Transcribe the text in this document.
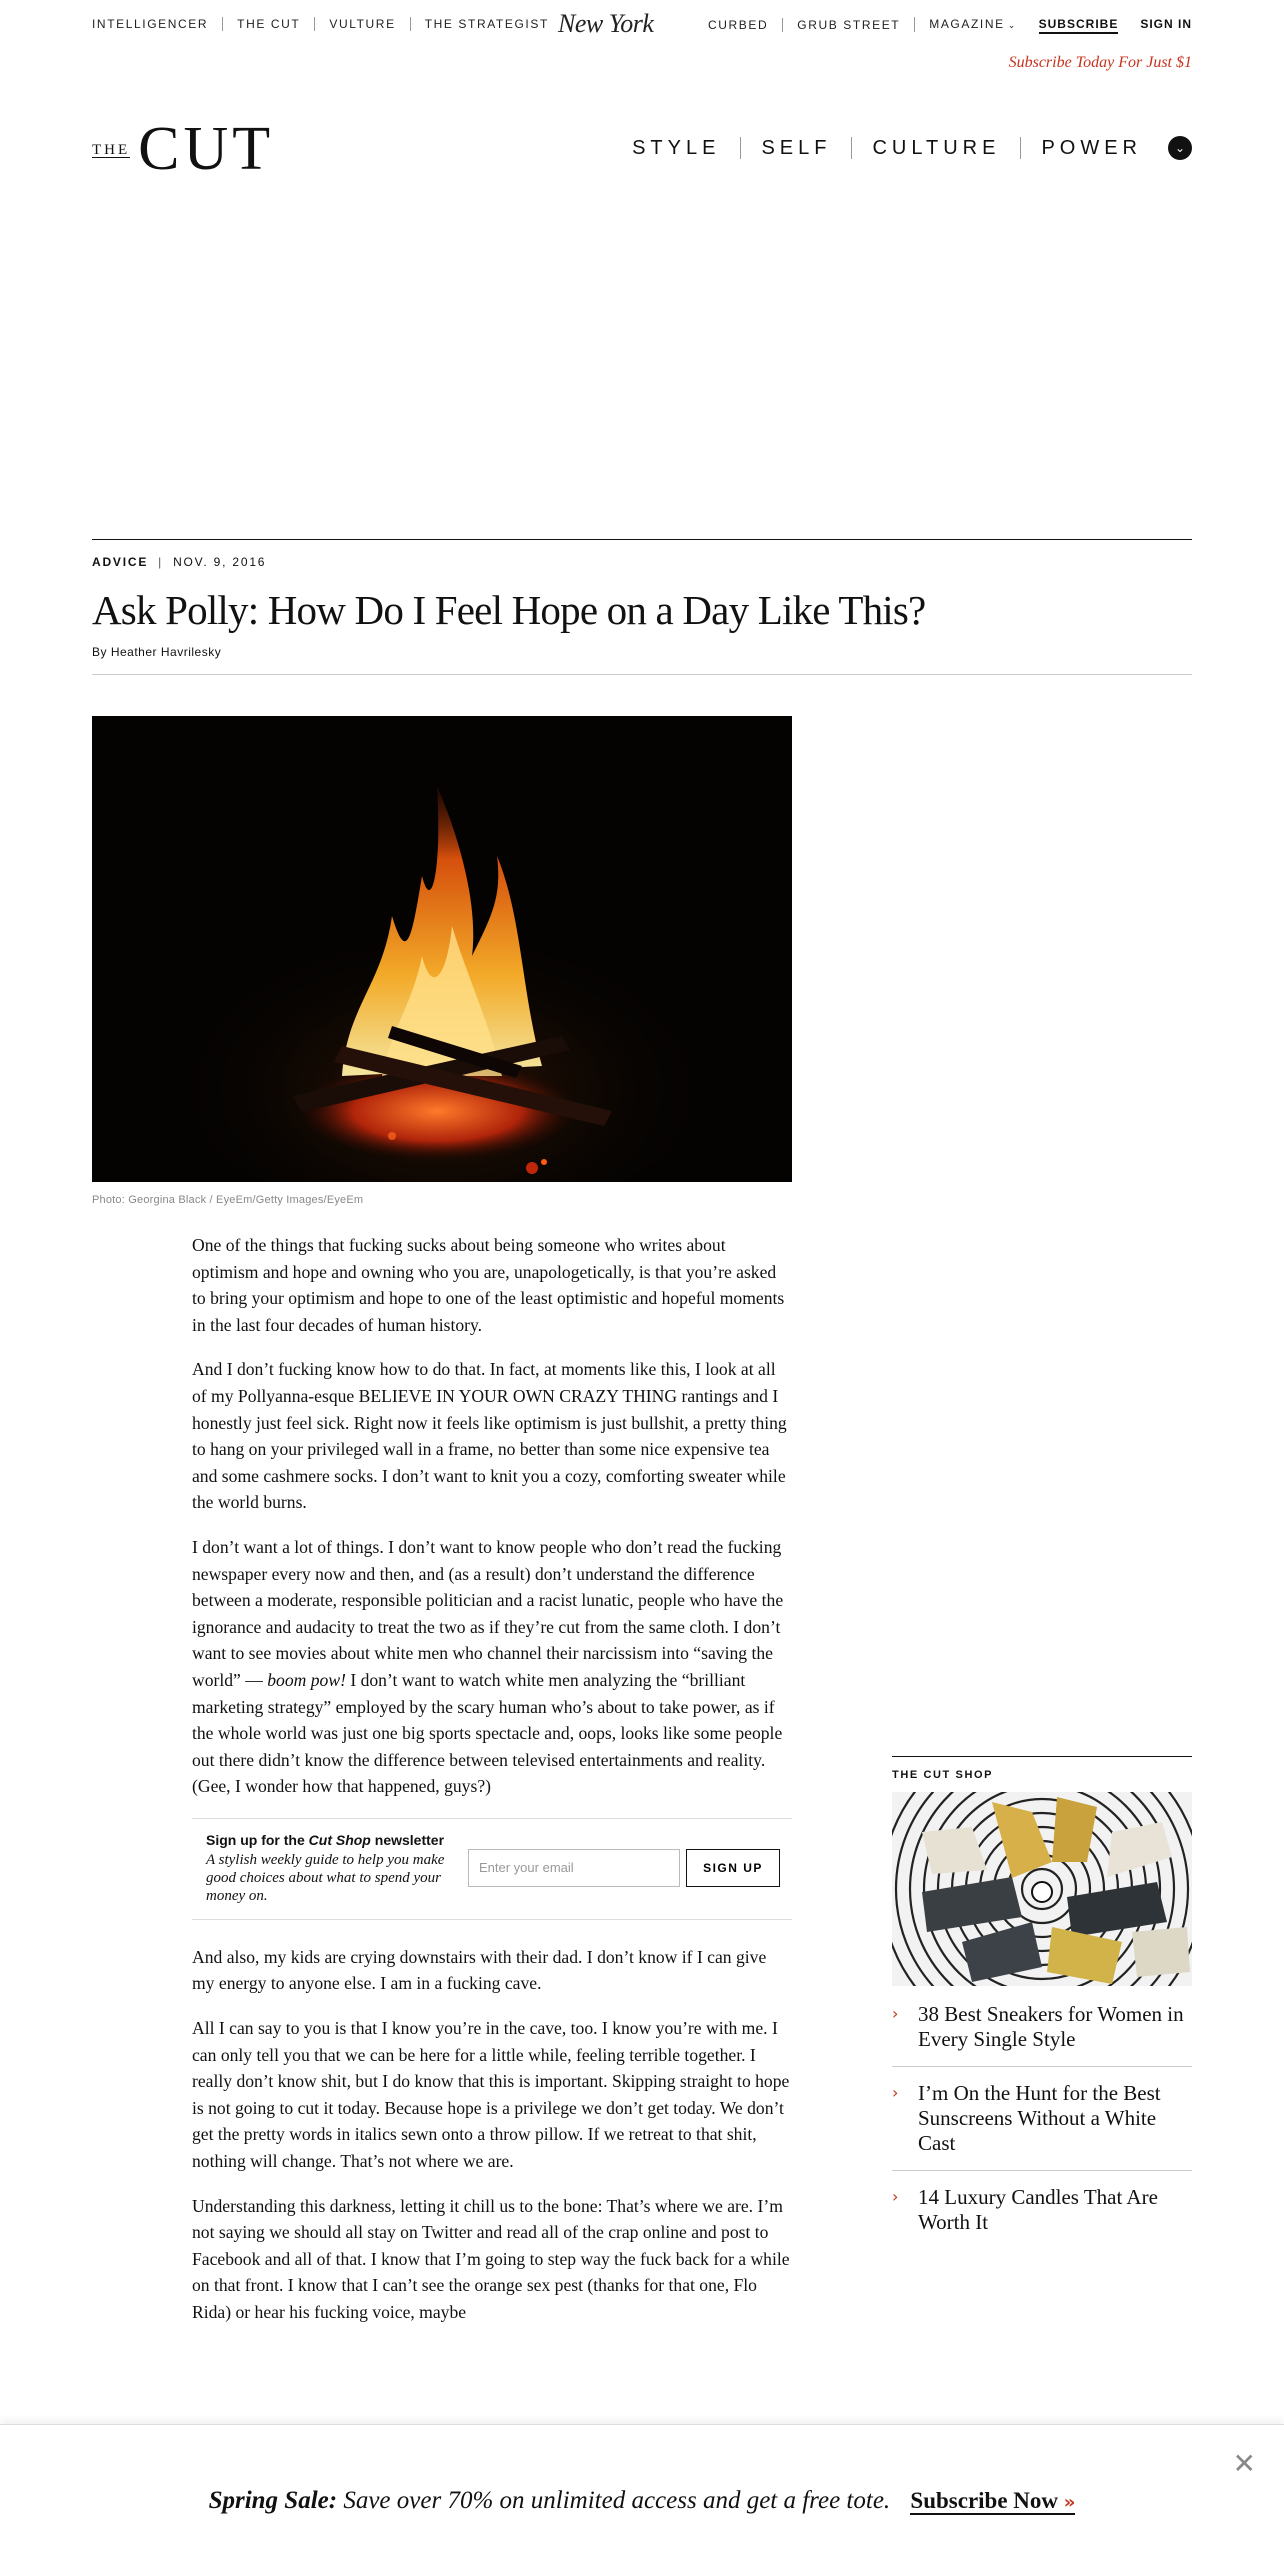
INTELLIGENCER	THE CUT	VULTURE	THE STRATEGIST New York	CURBED	GRUB STREET	MAGAZINE ⌄	SUBSCRIBE SIGN IN
Subscribe Today For Just $1
THE CUT	STYLE	SELF	CULTURE	POWER	⌄
ADVICE | NOV. 9, 2016
Ask Polly: How Do I Feel Hope on a Day Like This?
By Heather Havrilesky
Photo: Georgina Black / EyeEm/Getty Images/EyeEm

One of the things that fucking sucks about being someone who writes about optimism and hope and owning who you are, unapologetically, is that you’re asked to bring your optimism and hope to one of the least optimistic and hopeful moments in the last four decades of human history.

And I don’t fucking know how to do that. In fact, at moments like this, I look at all of my Pollyanna-esque BELIEVE IN YOUR OWN CRAZY THING rantings and I honestly just feel sick. Right now it feels like optimism is just bullshit, a pretty thing to hang on your privileged wall in a frame, no better than some nice expensive tea and some cashmere socks. I don’t want to knit you a cozy, comforting sweater while the world burns.

I don’t want a lot of things. I don’t want to know people who don’t read the fucking newspaper every now and then, and (as a result) don’t understand the difference between a moderate, responsible politician and a racist lunatic, people who have the ignorance and audacity to treat the two as if they’re cut from the same cloth. I don’t want to see movies about white men who channel their narcissism into “saving the world” — boom pow! I don’t want to watch white men analyzing the “brilliant marketing strategy” employed by the scary human who’s about to take power, as if the whole world was just one big sports spectacle and, oops, looks like some people out there didn’t know the difference between televised entertainments and reality. (Gee, I wonder how that happened, guys?)

Sign up for the Cut Shop newsletter
A stylish weekly guide to help you make good choices about what to spend your money on.
Enter your email
SIGN UP

And also, my kids are crying downstairs with their dad. I don’t know if I can give my energy to anyone else. I am in a fucking cave.

All I can say to you is that I know you’re in the cave, too. I know you’re with me. I can only tell you that we can be here for a little while, feeling terrible together. I really don’t know shit, but I do know that this is important. Skipping straight to hope is not going to cut it today. Because hope is a privilege we don’t get today. We don’t get the pretty words in italics sewn onto a throw pillow. If we retreat to that shit, nothing will change. That’s not where we are.

Understanding this darkness, letting it chill us to the bone: That’s where we are. I’m not saying we should all stay on Twitter and read all of the crap online and post to Facebook and all of that. I know that I’m going to step way the fuck back for a while on that front. I know that I can’t see the orange sex pest (thanks for that one, Flo Rida) or hear his fucking voice, maybe

THE CUT SHOP
› 38 Best Sneakers for Women in Every Single Style
› I’m On the Hunt for the Best Sunscreens Without a White Cast
› 14 Luxury Candles That Are Worth It
✕
Spring Sale: Save over 70% on unlimited access and get a free tote. Subscribe Now »
